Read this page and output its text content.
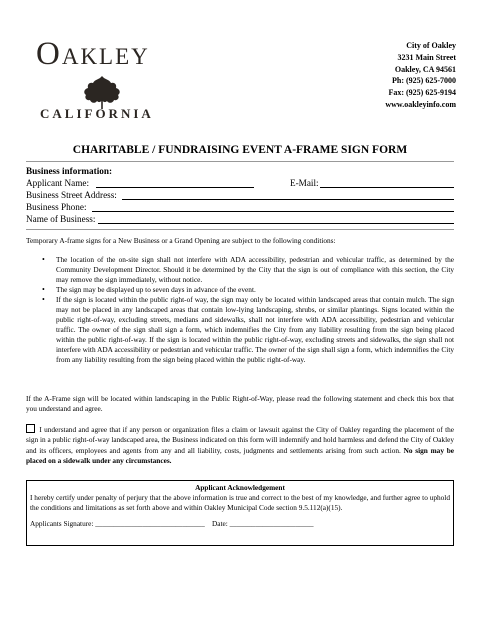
Oakley
CALIFORNIA
City of Oakley
3231 Main Street
Oakley, CA 94561
Ph: (925) 625-7000
Fax: (925) 625-9194
www.oakleyinfo.com
CHARITABLE / FUNDRAISING EVENT A-FRAME SIGN FORM
Business information:
Applicant Name:	E-Mail:
Business Street Address:
Business Phone:
Name of Business:
Temporary A-frame signs for a New Business or a Grand Opening are subject to the following conditions:
• The location of the on-site sign shall not interfere with ADA accessibility, pedestrian and vehicular traffic, as determined by the Community Development Director. Should it be determined by the City that the sign is out of compliance with this section, the City may remove the sign immediately, without notice.
• The sign may be displayed up to seven days in advance of the event.
• If the sign is located within the public right-of way, the sign may only be located within landscaped areas that contain mulch. The sign may not be placed in any landscaped areas that contain low-lying landscaping, shrubs, or similar plantings. Signs located within the public right-of-way, excluding streets, medians and sidewalks, shall not interfere with ADA accessibility, pedestrian and vehicular traffic. The owner of the sign shall sign a form, which indemnifies the City from any liability resulting from the sign being placed within the public right-of-way. If the sign is located within the public right-of-way, excluding streets and sidewalks, the sign shall not interfere with ADA accessibility or pedestrian and vehicular traffic. The owner of the sign shall sign a form, which indemnifies the City from any liability resulting from the sign being placed within the public right-of-way.
If the A-Frame sign will be located within landscaping in the Public Right-of-Way, please read the following statement and check this box that you understand and agree.
I understand and agree that if any person or organization files a claim or lawsuit against the City of Oakley regarding the placement of the sign in a public right-of-way landscaped area, the Business indicated on this form will indemnify and hold harmless and defend the City of Oakley and its officers, employees and agents from any and all liability, costs, judgments and settlements arising from such action. No sign may be placed on a sidewalk under any circumstances.
Applicant Acknowledgement
I hereby certify under penalty of perjury that the above information is true and correct to the best of my knowledge, and further agree to uphold the conditions and limitations as set forth above and within Oakley Municipal Code section 9.5.112(a)(15).
Applicants Signature: ______________________________ Date: _______________________
